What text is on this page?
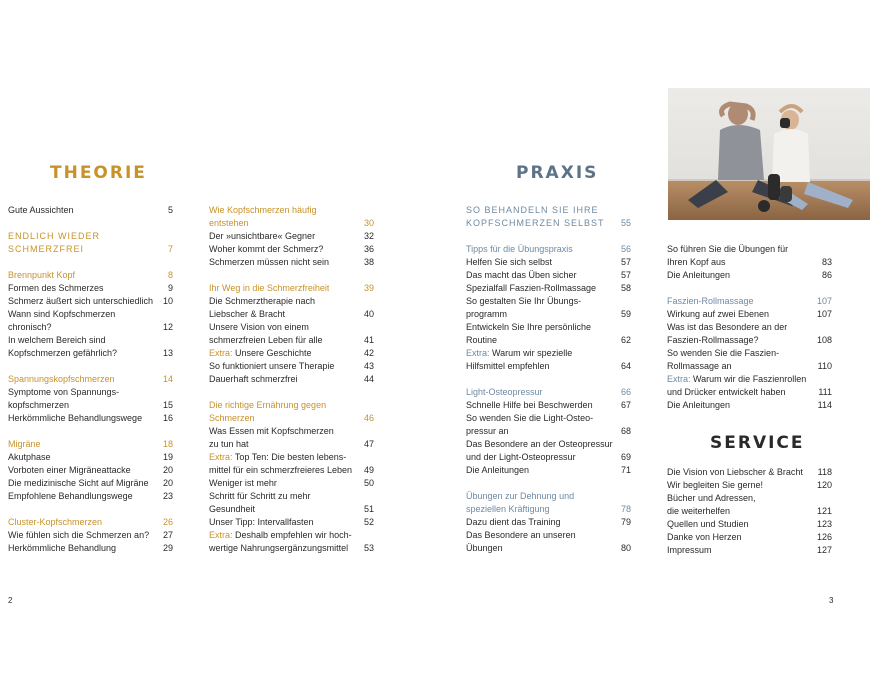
THEORIE	PRAXIS
SERVICE
Gute Aussichten	5
ENDLICH WIEDER
SCHMERZFREI	7
Brennpunkt Kopf	8
Formen des Schmerzes	9
Schmerz äußert sich unterschiedlich	10
Wann sind Kopfschmerzen
chronisch?	12
In welchem Bereich sind
Kopfschmerzen gefährlich?	13
Spannungskopfschmerzen	14
Symptome von Spannungs-
kopfschmerzen	15
Herkömmliche Behandlungswege	16
Migräne	18
Akutphase	19
Vorboten einer Migräneattacke	20
Die medizinische Sicht auf Migräne	20
Empfohlene Behandlungswege	23
Cluster-Kopfschmerzen	26
Wie fühlen sich die Schmerzen an?	27
Herkömmliche Behandlung	29
Wie Kopfschmerzen häufig
entstehen	30
Der »unsichtbare« Gegner	32
Woher kommt der Schmerz?	36
Schmerzen müssen nicht sein	38
Ihr Weg in die Schmerzfreiheit	39
Die Schmerztherapie nach
Liebscher & Bracht	40
Unsere Vision von einem
schmerzfreien Leben für alle	41
Extra: Unsere Geschichte	42
So funktioniert unsere Therapie	43
Dauerhaft schmerzfrei	44
Die richtige Ernährung gegen
Schmerzen	46
Was Essen mit Kopfschmerzen
zu tun hat	47
Extra: Top Ten: Die besten lebens-
mittel für ein schmerzfreieres Leben	49
Weniger ist mehr	50
Schritt für Schritt zu mehr
Gesundheit	51
Unser Tipp: Intervallfasten	52
Extra: Deshalb empfehlen wir hoch-
wertige Nahrungsergänzungsmittel	53
SO BEHANDELN SIE IHRE
KOPFSCHMERZEN SELBST	55
Tipps für die Übungspraxis	56
Helfen Sie sich selbst	57
Das macht das Üben sicher	57
Spezialfall Faszien-Rollmassage	58
So gestalten Sie Ihr Übungs-
programm	59
Entwickeln Sie Ihre persönliche
Routine	62
Extra: Warum wir spezielle
Hilfsmittel empfehlen	64
Light-Osteopressur	66
Schnelle Hilfe bei Beschwerden	67
So wenden Sie die Light-Osteo-
pressur an	68
Das Besondere an der Osteopressur
und der Light-Osteopressur	69
Die Anleitungen	71
Übungen zur Dehnung und
speziellen Kräftigung	78
Dazu dient das Training	79
Das Besondere an unseren
Übungen	80
So führen Sie die Übungen für
Ihren Kopf aus	83
Die Anleitungen	86
Faszien-Rollmassage	107
Wirkung auf zwei Ebenen	107
Was ist das Besondere an der
Faszien-Rollmassage?	108
So wenden Sie die Faszien-
Rollmassage an	110
Extra: Warum wir die Faszienrollen
und Drücker entwickelt haben	111
Die Anleitungen	114
Die Vision von Liebscher & Bracht	118
Wir begleiten Sie gerne!	120
Bücher und Adressen,
die weiterhelfen	121
Quellen und Studien	123
Danke von Herzen	126
Impressum	127
2	3
